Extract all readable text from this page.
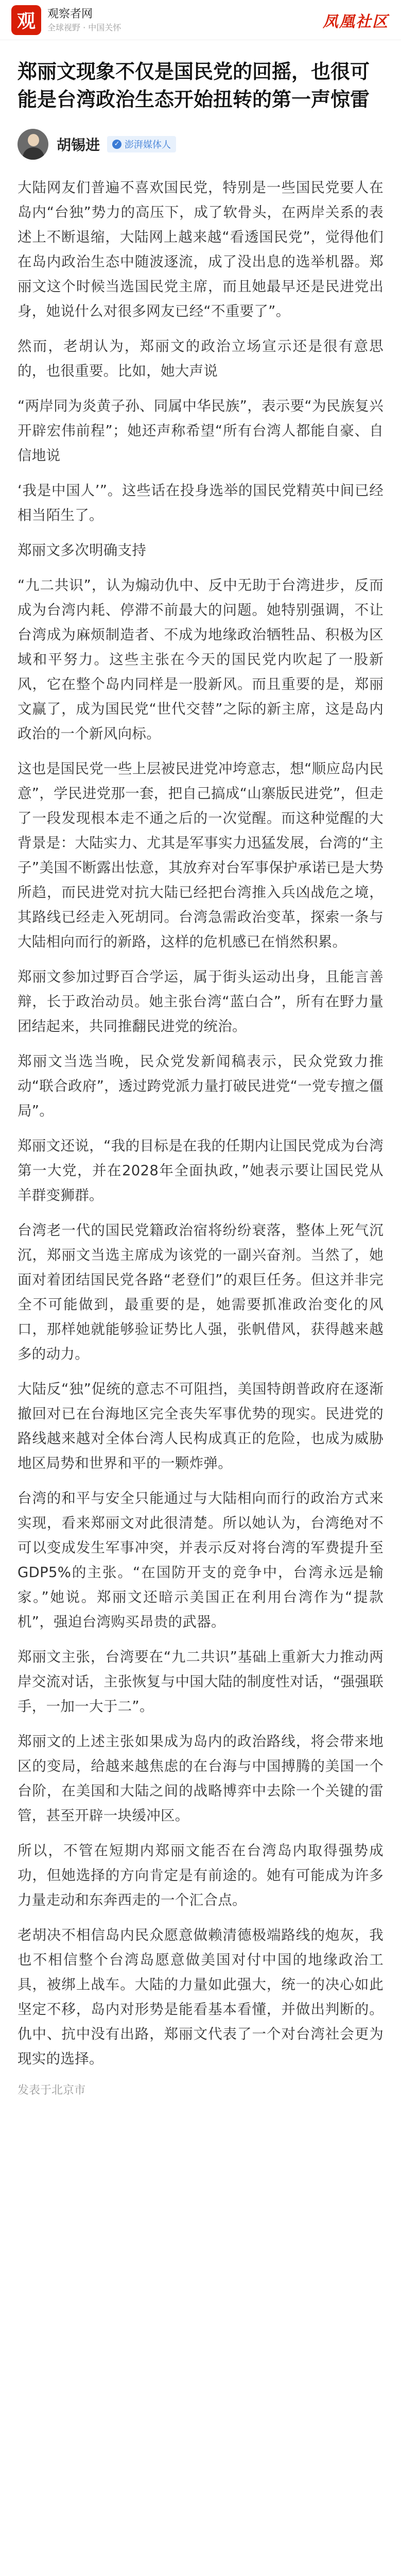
观	观察者网
全球视野 · 中国关怀	凤凰社区
郑丽文现象不仅是国民党的回摇，也很可能是台湾政治生态开始扭转的第一声惊雷
胡锡进 ✓ 澎湃媒体人

大陆网友们普遍不喜欢国民党，特别是一些国民党要人在岛内“台独”势力的高压下，成了软骨头，在两岸关系的表述上不断退缩，大陆网上越来越“看透国民党”，觉得他们在岛内政治生态中随波逐流，成了没出息的选举机器。郑丽文这个时候当选国民党主席，而且她最早还是民进党出身，她说什么对很多网友已经“不重要了”。

然而，老胡认为，郑丽文的政治立场宣示还是很有意思的，也很重要。比如，她大声说

“两岸同为炎黄子孙、同属中华民族”，表示要“为民族复兴开辟宏伟前程”；她还声称希望“所有台湾人都能自豪、自信地说

‘我是中国人’”。这些话在投身选举的国民党精英中间已经相当陌生了。

郑丽文多次明确支持

“九二共识”，认为煽动仇中、反中无助于台湾进步，反而成为台湾内耗、停滞不前最大的问题。她特别强调，不让台湾成为麻烦制造者、不成为地缘政治牺牲品、积极为区域和平努力。这些主张在今天的国民党内吹起了一股新风，它在整个岛内同样是一股新风。而且重要的是，郑丽文赢了，成为国民党“世代交替”之际的新主席，这是岛内政治的一个新风向标。

这也是国民党一些上层被民进党冲垮意志，想“顺应岛内民意”，学民进党那一套，把自己搞成“山寨版民进党”，但走了一段发现根本走不通之后的一次觉醒。而这种觉醒的大背景是：大陆实力、尤其是军事实力迅猛发展，台湾的“主子”美国不断露出怯意，其放弃对台军事保护承诺已是大势所趋，而民进党对抗大陆已经把台湾推入兵凶战危之境，其路线已经走入死胡同。台湾急需政治变革，探索一条与大陆相向而行的新路，这样的危机感已在悄然积累。

郑丽文参加过野百合学运，属于街头运动出身，且能言善辩，长于政治动员。她主张台湾“蓝白合”，所有在野力量团结起来，共同推翻民进党的统治。

郑丽文当选当晚，民众党发新闻稿表示，民众党致力推动“联合政府”，透过跨党派力量打破民进党“一党专擅之僵局”。

郑丽文还说，“我的目标是在我的任期内让国民党成为台湾第一大党，并在2028年全面执政，”她表示要让国民党从羊群变狮群。

台湾老一代的国民党籍政治宿将纷纷衰落，整体上死气沉沉，郑丽文当选主席成为该党的一副兴奋剂。当然了，她面对着团结国民党各路“老登们”的艰巨任务。但这并非完全不可能做到，最重要的是，她需要抓准政治变化的风口，那样她就能够验证势比人强，张帆借风，获得越来越多的动力。

大陆反“独”促统的意志不可阻挡，美国特朗普政府在逐渐撤回对已在台海地区完全丧失军事优势的现实。民进党的路线越来越对全体台湾人民构成真正的危险，也成为威胁地区局势和世界和平的一颗炸弹。

台湾的和平与安全只能通过与大陆相向而行的政治方式来实现，看来郑丽文对此很清楚。所以她认为，台湾绝对不可以变成发生军事冲突，并表示反对将台湾的军费提升至GDP5%的主张。“在国防开支的竞争中，台湾永远是输家。”她说。郑丽文还暗示美国正在利用台湾作为“提款机”，强迫台湾购买昂贵的武器。

郑丽文主张，台湾要在“九二共识”基础上重新大力推动两岸交流对话，主张恢复与中国大陆的制度性对话，“强强联手，一加一大于二”。

郑丽文的上述主张如果成为岛内的政治路线，将会带来地区的变局，给越来越焦虑的在台海与中国搏腾的美国一个台阶，在美国和大陆之间的战略博弈中去除一个关键的雷管，甚至开辟一块缓冲区。

所以，不管在短期内郑丽文能否在台湾岛内取得强势成功，但她选择的方向肯定是有前途的。她有可能成为许多力量走动和东奔西走的一个汇合点。

老胡决不相信岛内民众愿意做赖清德极端路线的炮灰，我也不相信整个台湾岛愿意做美国对付中国的地缘政治工具，被绑上战车。大陆的力量如此强大，统一的决心如此坚定不移，岛内对形势是能看基本看懂，并做出判断的。仇中、抗中没有出路，郑丽文代表了一个对台湾社会更为现实的选择。

发表于北京市
